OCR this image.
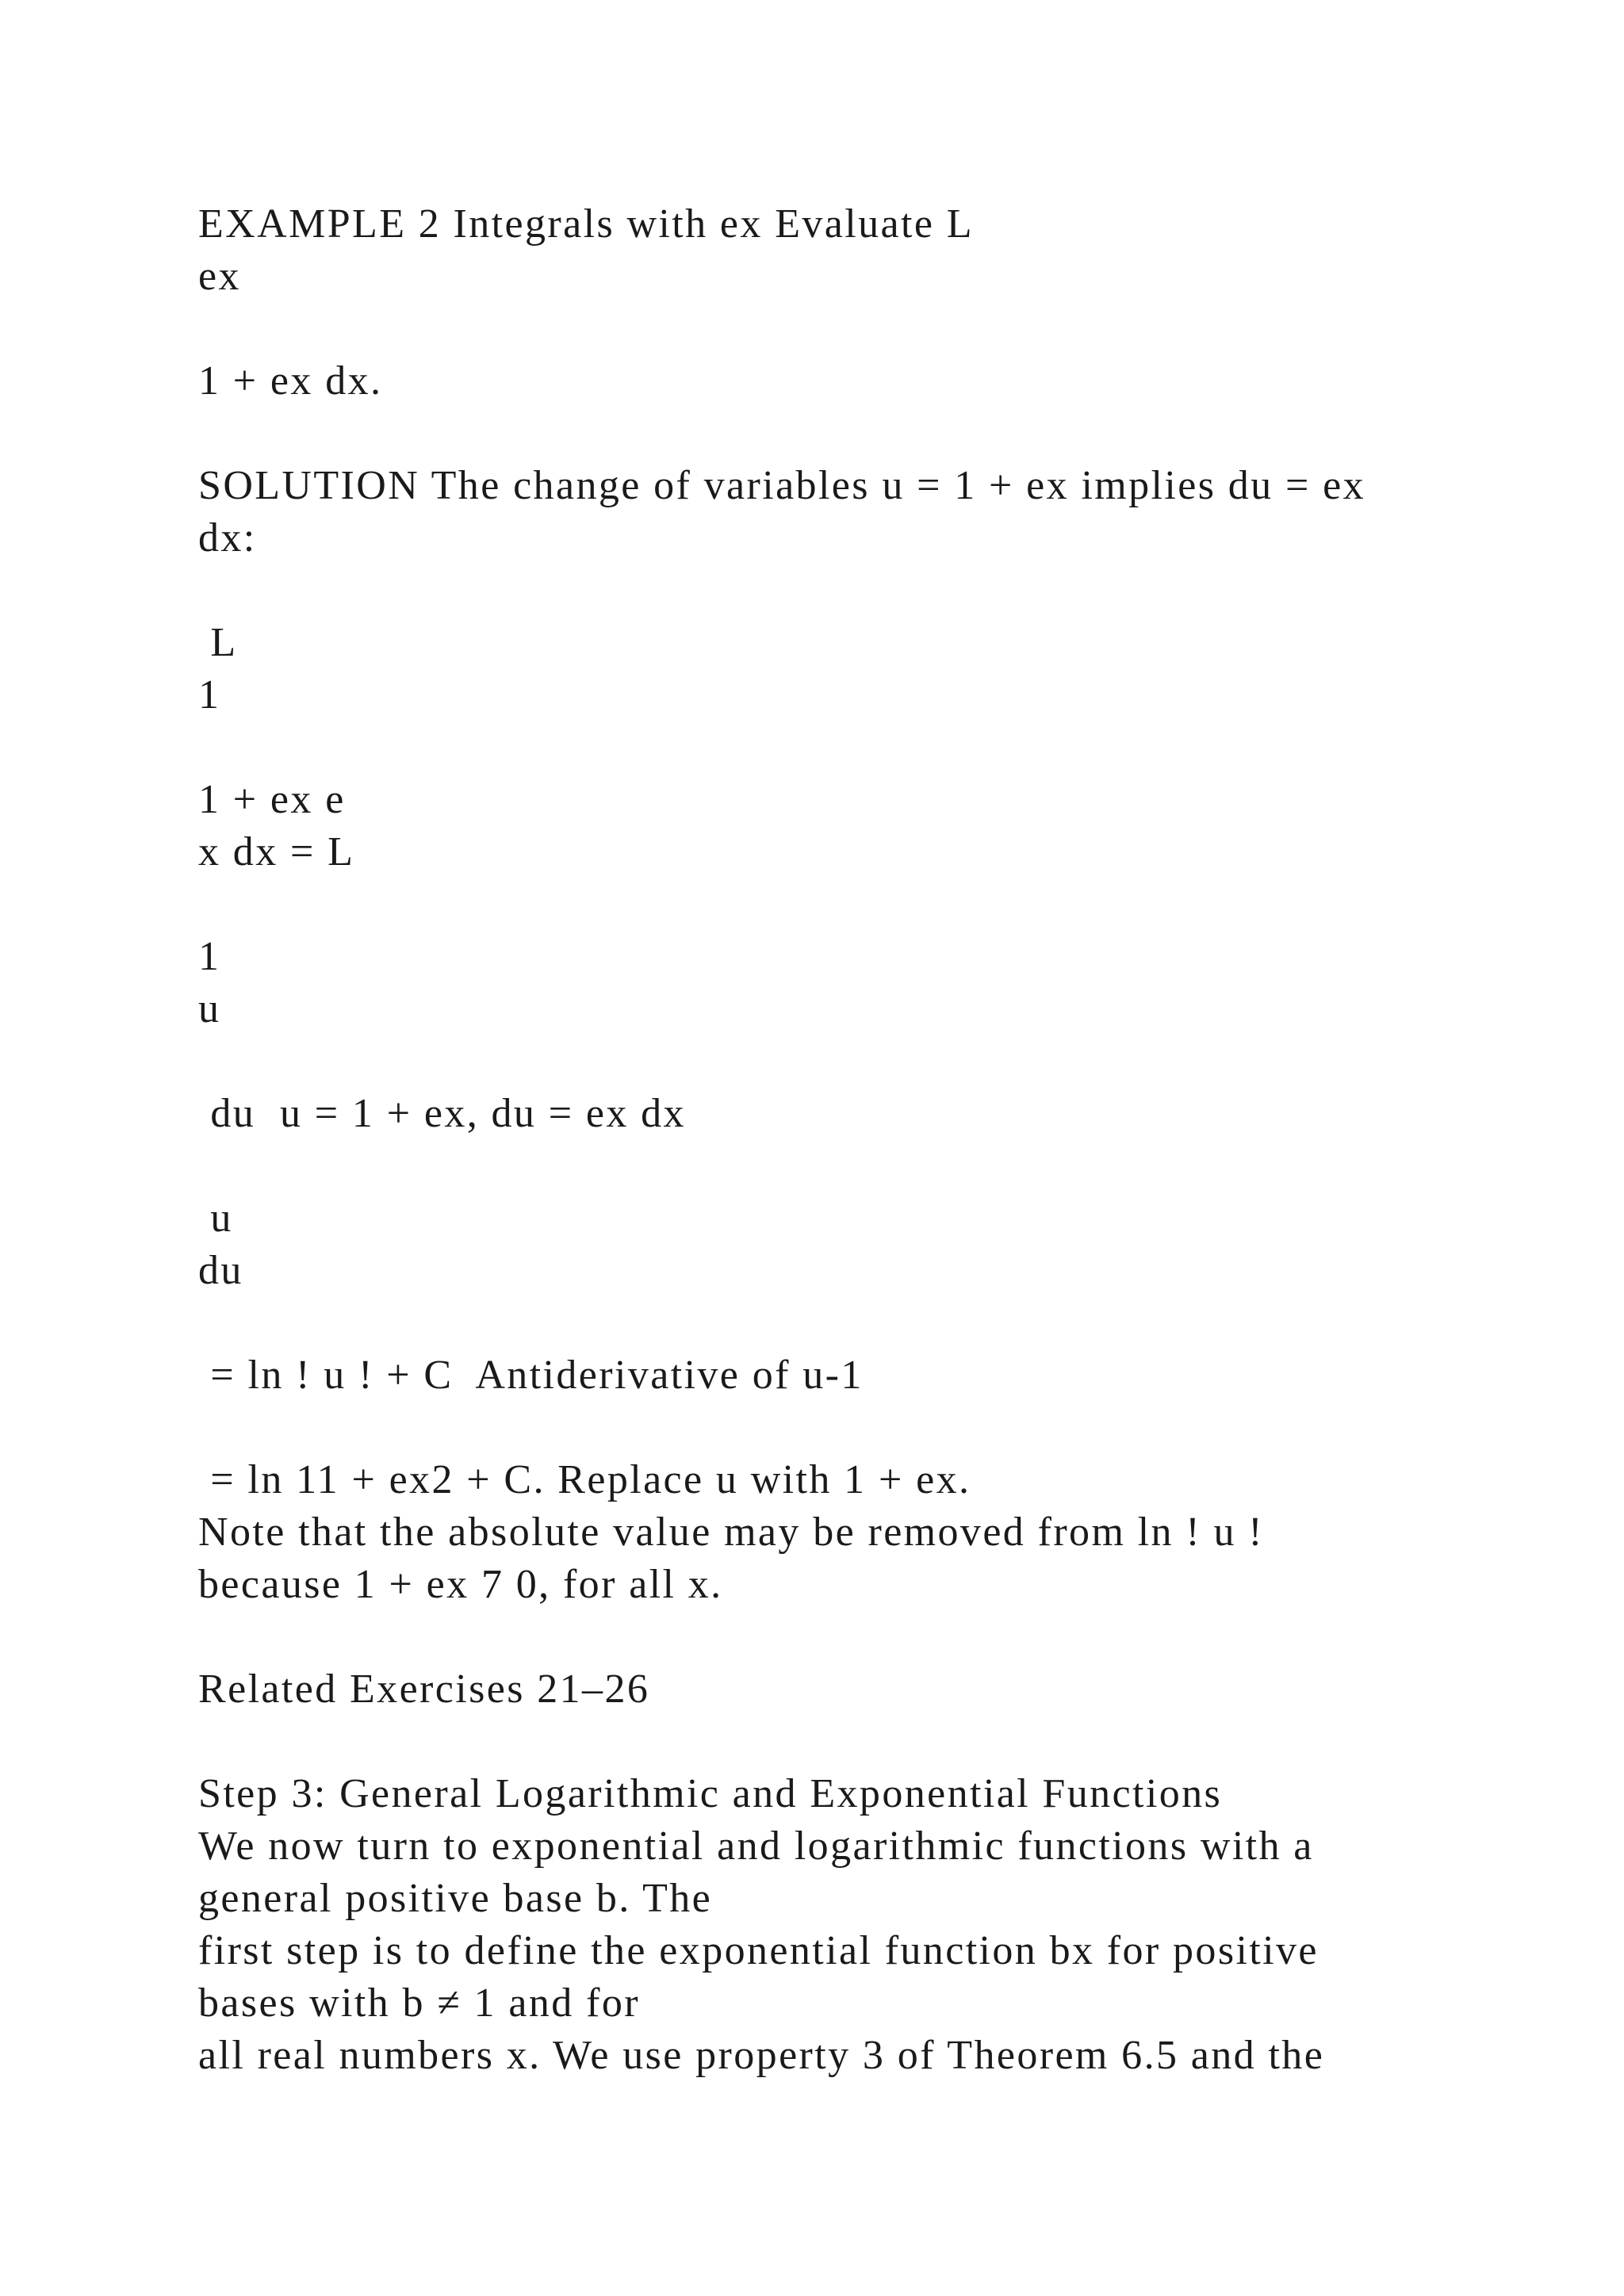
EXAMPLE 2 Integrals with ex Evaluate L

ex

1 + ex dx.

SOLUTION The change of variables u = 1 + ex implies du = ex

dx:

L

1

1 + ex e

x dx = L

1

u

du  u = 1 + ex, du = ex dx

u

du

= ln ! u ! + C  Antiderivative of u-1

= ln 11 + ex2 + C. Replace u with 1 + ex.

Note that the absolute value may be removed from ln ! u !

because 1 + ex 7 0, for all x.

Related Exercises 21–26

Step 3: General Logarithmic and Exponential Functions

We now turn to exponential and logarithmic functions with a

general positive base b. The

first step is to define the exponential function bx for positive

bases with b ≠ 1 and for

all real numbers x. We use property 3 of Theorem 6.5 and the
